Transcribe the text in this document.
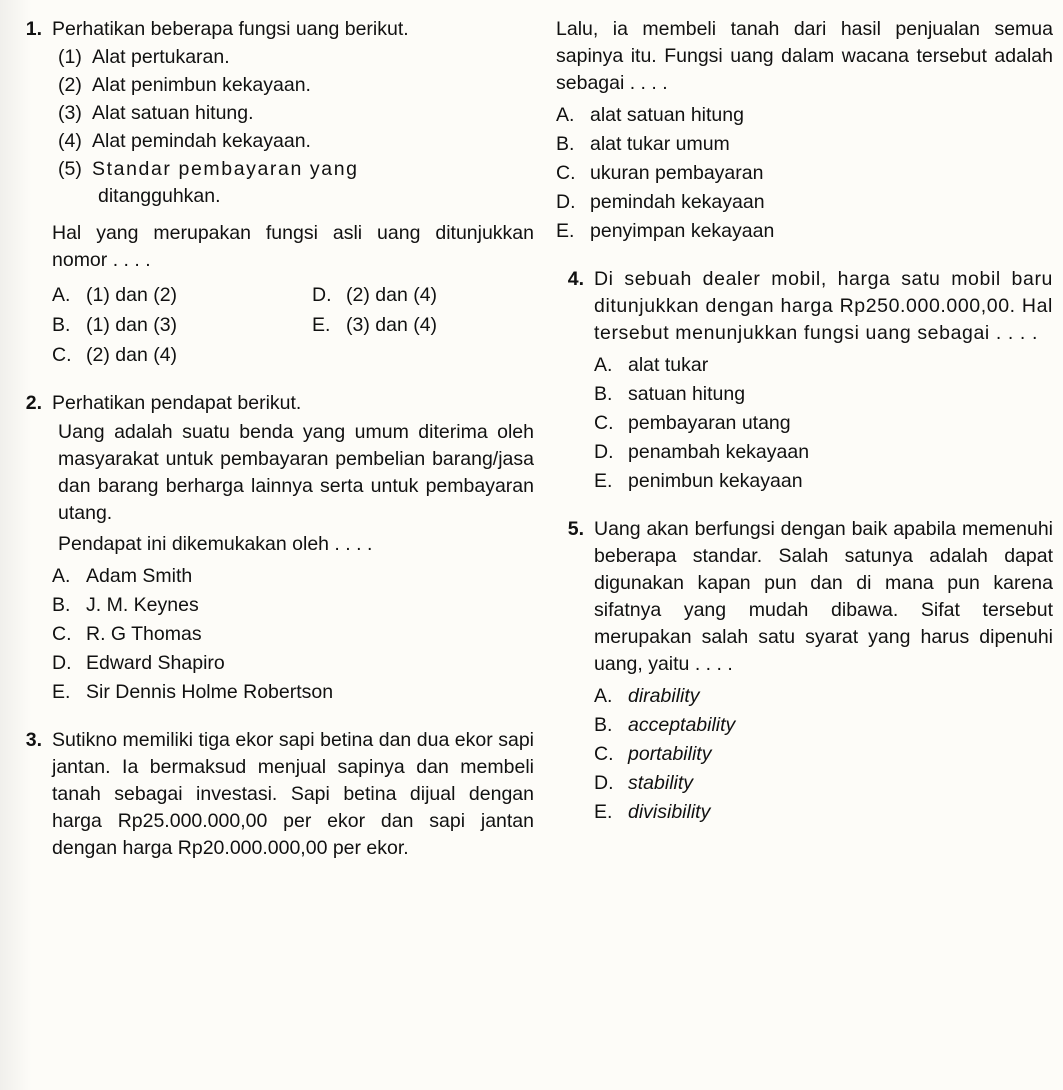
1. Perhatikan beberapa fungsi uang berikut.
(1) Alat pertukaran.
(2) Alat penimbun kekayaan.
(3) Alat satuan hitung.
(4) Alat pemindah kekayaan.
(5) Standar pembayaran yang
ditangguhkan.
Hal yang merupakan fungsi asli uang ditunjukkan nomor . . . .
A. (1) dan (2)	D. (2) dan (4)
B. (1) dan (3)	E. (3) dan (4)
C. (2) dan (4)
2. Perhatikan pendapat berikut.
Uang adalah suatu benda yang umum diterima oleh masyarakat untuk pembayaran pembelian barang/jasa dan barang berharga lainnya serta untuk pembayaran utang.
Pendapat ini dikemukakan oleh . . . .
A. Adam Smith
B. J. M. Keynes
C. R. G Thomas
D. Edward Shapiro
E. Sir Dennis Holme Robertson
3. Sutikno memiliki tiga ekor sapi betina dan dua ekor sapi jantan. Ia bermaksud menjual sapinya dan membeli tanah sebagai investasi. Sapi betina dijual dengan harga Rp25.000.000,00 per ekor dan sapi jantan dengan harga Rp20.000.000,00 per ekor.
Lalu, ia membeli tanah dari hasil penjualan semua sapinya itu. Fungsi uang dalam wacana tersebut adalah sebagai . . . .
A. alat satuan hitung
B. alat tukar umum
C. ukuran pembayaran
D. pemindah kekayaan
E. penyimpan kekayaan
4. Di sebuah dealer mobil, harga satu mobil baru ditunjukkan dengan harga Rp250.000.000,00. Hal tersebut menunjukkan fungsi uang sebagai . . . .
A. alat tukar
B. satuan hitung
C. pembayaran utang
D. penambah kekayaan
E. penimbun kekayaan
5. Uang akan berfungsi dengan baik apabila memenuhi beberapa standar. Salah satunya adalah dapat digunakan kapan pun dan di mana pun karena sifatnya yang mudah dibawa. Sifat tersebut merupakan salah satu syarat yang harus dipenuhi uang, yaitu . . . .
A. dirability
B. acceptability
C. portability
D. stability
E. divisibility
